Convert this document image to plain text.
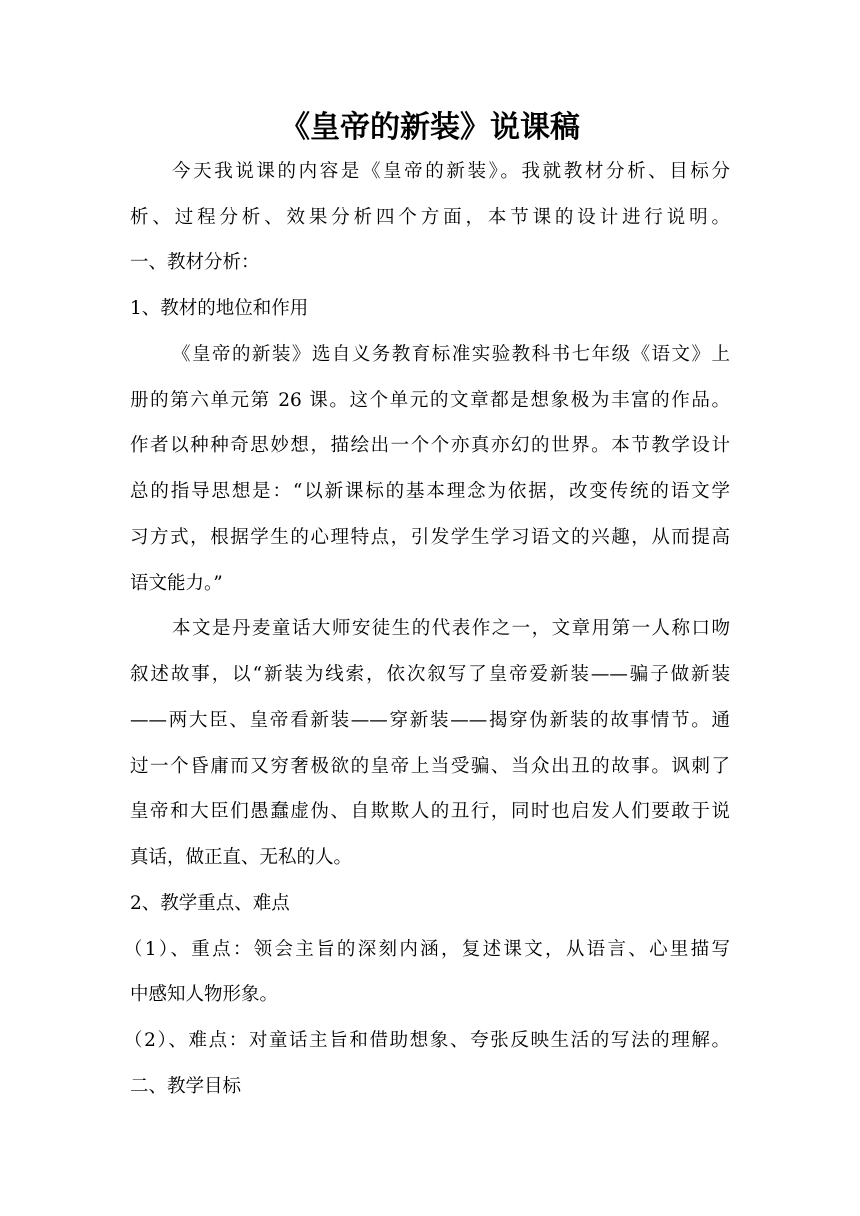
《皇帝的新装》说课稿
今天我说课的内容是《皇帝的新装》。我就教材分析、目标分
析、过程分析、效果分析四个方面，本节课的设计进行说明。
一、教材分析：
1、教材的地位和作用
《皇帝的新装》选自义务教育标准实验教科书七年级《语文》上
册的第六单元第 26 课。这个单元的文章都是想象极为丰富的作品。
作者以种种奇思妙想，描绘出一个个亦真亦幻的世界。本节教学设计
总的指导思想是：“以新课标的基本理念为依据，改变传统的语文学
习方式，根据学生的心理特点，引发学生学习语文的兴趣，从而提高
语文能力。”
本文是丹麦童话大师安徒生的代表作之一，文章用第一人称口吻
叙述故事，以“新装为线索，依次叙写了皇帝爱新装——骗子做新装
——两大臣、皇帝看新装——穿新装——揭穿伪新装的故事情节。通
过一个昏庸而又穷奢极欲的皇帝上当受骗、当众出丑的故事。讽刺了
皇帝和大臣们愚蠢虚伪、自欺欺人的丑行，同时也启发人们要敢于说
真话，做正直、无私的人。
2、教学重点、难点
（1）、重点：领会主旨的深刻内涵，复述课文，从语言、心里描写
中感知人物形象。
（2）、难点：对童话主旨和借助想象、夸张反映生活的写法的理解。
二、教学目标
